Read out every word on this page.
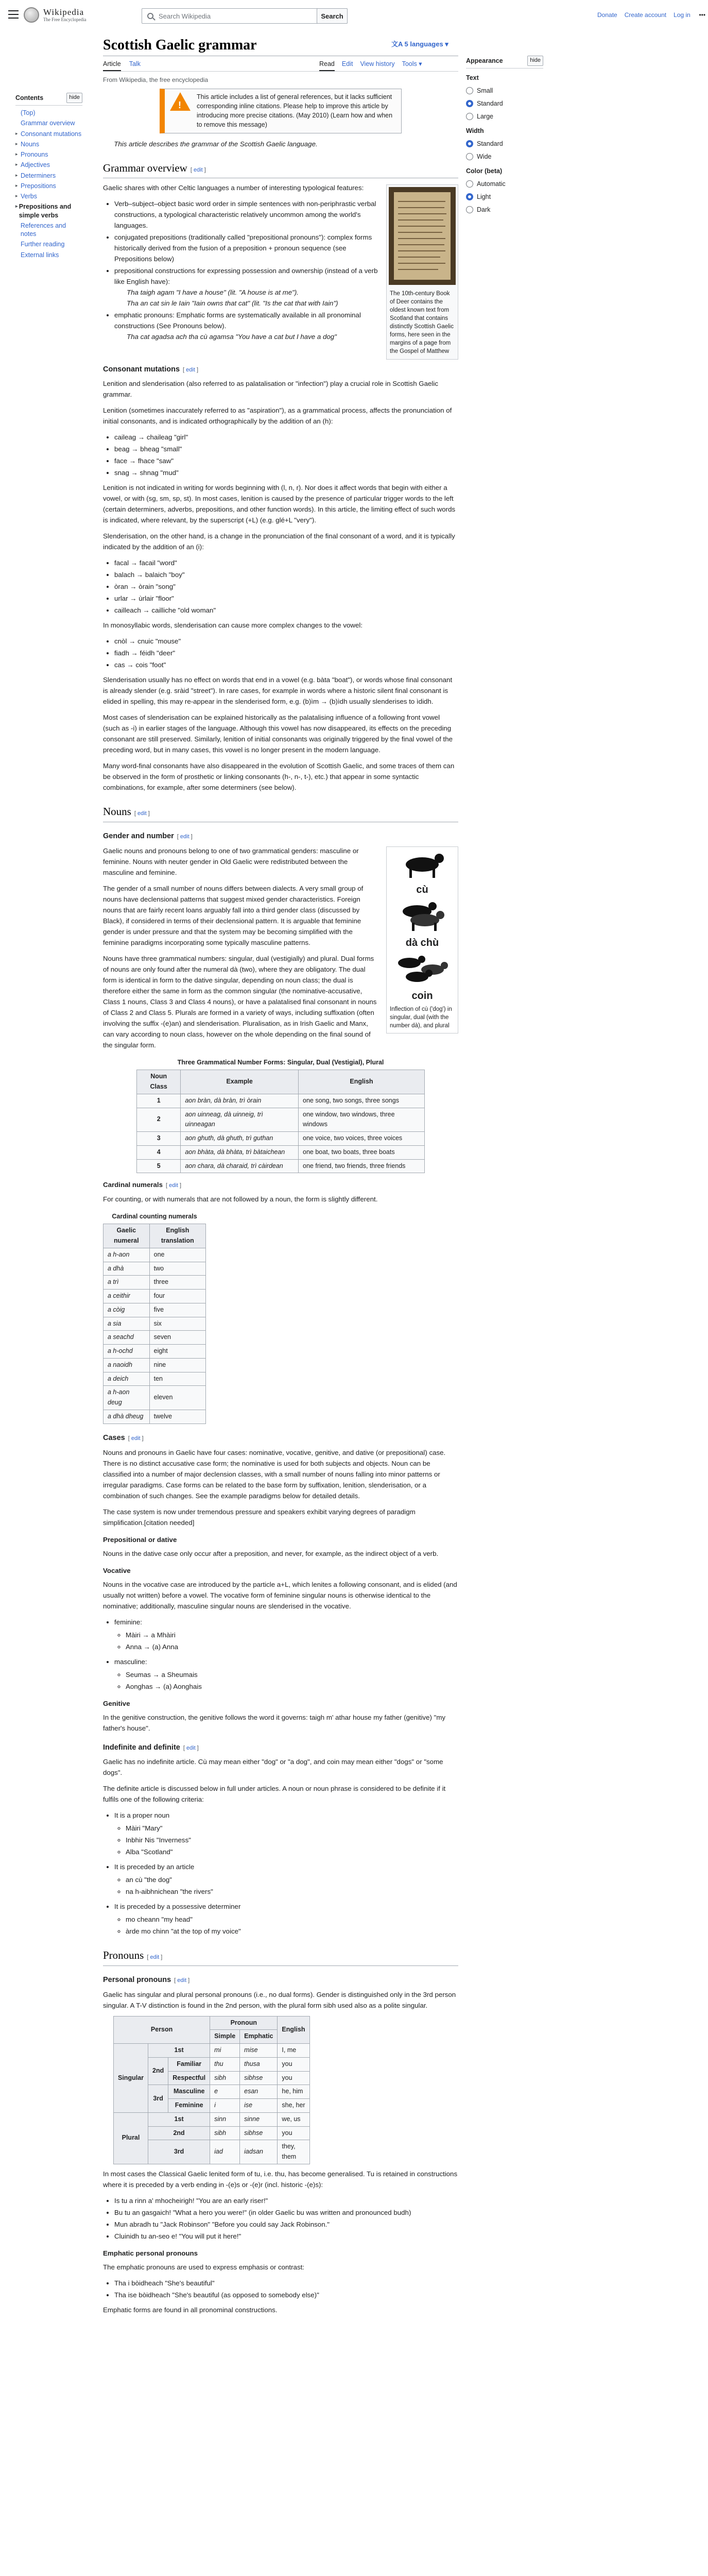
Wikipedia
The Free Encyclopedia
Search Wikipedia	Search	Donate Create account Log in •••
Contents	hide
(Top)
Grammar overview
▸ Consonant mutations
▸ Nouns
▸ Pronouns
▸ Adjectives
▸ Determiners
▸ Prepositions
▸ Verbs
▸ Prepositions and simple verbs
References and notes
Further reading
External links
Scottish Gaelic grammar	文A 5 languages ▾
Article Talk	Read Edit View history Tools ▾
From Wikipedia, the free encyclopedia
Appearance	hide
Text
Small
Standard
Large
Width
Standard
Wide
Color (beta)
Automatic
Light
Dark
!
This article includes a list of general references, but it lacks sufficient corresponding inline citations. Please help to improve this article by introducing more precise citations. (May 2010) (Learn how and when to remove this message)
This article describes the grammar of the Scottish Gaelic language.
Grammar overview [ edit ]
The 10th-century Book of Deer contains the oldest known text from Scotland that contains distinctly Scottish Gaelic forms, here seen in the margins of a page from the Gospel of Matthew

Gaelic shares with other Celtic languages a number of interesting typological features:

• Verb–subject–object basic word order in simple sentences with non-periphrastic verbal constructions, a typological characteristic relatively uncommon among the world's languages.
• conjugated prepositions (traditionally called "prepositional pronouns"): complex forms historically derived from the fusion of a preposition + pronoun sequence (see Prepositions below)
• prepositional constructions for expressing possession and ownership (instead of a verb like English have):
Tha taigh agam "I have a house" (lit. "A house is at me").
Tha an cat sin le Iain "Iain owns that cat" (lit. "Is the cat that with Iain")
• emphatic pronouns: Emphatic forms are systematically available in all pronominal constructions (See Pronouns below).
Tha cat agadsa ach tha cù agamsa "You have a cat but I have a dog"
Consonant mutations [ edit ]

Lenition and slenderisation (also referred to as palatalisation or "infection") play a crucial role in Scottish Gaelic grammar.

Lenition (sometimes inaccurately referred to as "aspiration"), as a grammatical process, affects the pronunciation of initial consonants, and is indicated orthographically by the addition of an (h):

• caileag → chaileag "girl"
• beag → bheag "small"
• face → fhace "saw"
• snag → shnag "mud"

Lenition is not indicated in writing for words beginning with (l, n, r). Nor does it affect words that begin with either a vowel, or with (sg, sm, sp, st). In most cases, lenition is caused by the presence of particular trigger words to the left (certain determiners, adverbs, prepositions, and other function words). In this article, the limiting effect of such words is indicated, where relevant, by the superscript (+L) (e.g. glé+L "very").

Slenderisation, on the other hand, is a change in the pronunciation of the final consonant of a word, and it is typically indicated by the addition of an (i):

• facal → facail "word"
• balach → balaich "boy"
• òran → òrain "song"
• urlar → ùrlair "floor"
• cailleach → cailliche "old woman"

In monosyllabic words, slenderisation can cause more complex changes to the vowel:

• cnòl → cnuic "mouse"
• fiadh → féidh "deer"
• cas → cois "foot"

Slenderisation usually has no effect on words that end in a vowel (e.g. bàta "boat"), or words whose final consonant is already slender (e.g. sràid "street"). In rare cases, for example in words where a historic silent final consonant is elided in spelling, this may re-appear in the slenderised form, e.g. (b)ìm → (b)ìdh usually slenderises to ìdidh.

Most cases of slenderisation can be explained historically as the palatalising influence of a following front vowel (such as -i) in earlier stages of the language. Although this vowel has now disappeared, its effects on the preceding consonant are still preserved. Similarly, lenition of initial consonants was originally triggered by the final vowel of the preceding word, but in many cases, this vowel is no longer present in the modern language.

Many word-final consonants have also disappeared in the evolution of Scottish Gaelic, and some traces of them can be observed in the form of prosthetic or linking consonants (h-, n-, t-), etc.) that appear in some syntactic combinations, for example, after some determiners (see below).

Nouns [ edit ]
Gender and number [ edit ]
cù
dà chù
coin
Inflection of cù ('dog') in singular, dual (with the number dà), and plural

Gaelic nouns and pronouns belong to one of two grammatical genders: masculine or feminine. Nouns with neuter gender in Old Gaelic were redistributed between the masculine and feminine.

The gender of a small number of nouns differs between dialects. A very small group of nouns have declensional patterns that suggest mixed gender characteristics. Foreign nouns that are fairly recent loans arguably fall into a third gender class (discussed by Black), if considered in terms of their declensional pattern. It is arguable that feminine gender is under pressure and that the system may be becoming simplified with the feminine paradigms incorporating some typically masculine patterns.

Nouns have three grammatical numbers: singular, dual (vestigially) and plural. Dual forms of nouns are only found after the numeral dà (two), where they are obligatory. The dual form is identical in form to the dative singular, depending on noun class; the dual is therefore either the same in form as the common singular (the nominative-accusative, Class 1 nouns, Class 3 and Class 4 nouns), or have a palatalised final consonant in nouns of Class 2 and Class 5. Plurals are formed in a variety of ways, including suffixation (often involving the suffix -(e)an) and slenderisation. Pluralisation, as in Irish Gaelic and Manx, can vary according to noun class, however on the whole depending on the final sound of the singular form.

Three Grammatical Number Forms: Singular, Dual (Vestigial), Plural
Noun Class	Example	English
1	aon bràn, dà bràn, trì òrain	one song, two songs, three songs
2	aon uinneag, dà uinneig, trì uinneagan	one window, two windows, three windows
3	aon ghuth, dà ghuth, trì guthan	one voice, two voices, three voices
4	aon bhàta, dà bhàta, trì bàtaichean	one boat, two boats, three boats
5	aon chara, dà charaid, trì càirdean	one friend, two friends, three friends
Cardinal numerals [ edit ]

For counting, or with numerals that are not followed by a noun, the form is slightly different.

Cardinal counting numerals
Gaelic numeral	English translation
a h-aon	one
a dhà	two
a trì	three
a ceithir	four
a còig	five
a sia	six
a seachd	seven
a h-ochd	eight
a naoidh	nine
a deich	ten
a h-aon deug	eleven
a dhà dheug	twelve
Cases [ edit ]

Nouns and pronouns in Gaelic have four cases: nominative, vocative, genitive, and dative (or prepositional) case. There is no distinct accusative case form; the nominative is used for both subjects and objects. Noun can be classified into a number of major declension classes, with a small number of nouns falling into minor patterns or irregular paradigms. Case forms can be related to the base form by suffixation, lenition, slenderisation, or a combination of such changes. See the example paradigms below for detailed details.

The case system is now under tremendous pressure and speakers exhibit varying degrees of paradigm simplification.[citation needed]

Prepositional or dative

Nouns in the dative case only occur after a preposition, and never, for example, as the indirect object of a verb.

Vocative

Nouns in the vocative case are introduced by the particle a+L, which lenites a following consonant, and is elided (and usually not written) before a vowel. The vocative form of feminine singular nouns is otherwise identical to the nominative; additionally, masculine singular nouns are slenderised in the vocative.

• feminine:
◦ Màiri → a Mhàiri
◦ Anna → (a) Anna
• masculine:
◦ Seumas → a Sheumais
◦ Aonghas → (a) Aonghais
Genitive

In the genitive construction, the genitive follows the word it governs: taigh m' athar house my father (genitive) "my father's house".

Indefinite and definite [ edit ]

Gaelic has no indefinite article. Cù may mean either "dog" or "a dog", and coin may mean either "dogs" or "some dogs".

The definite article is discussed below in full under articles. A noun or noun phrase is considered to be definite if it fulfils one of the following criteria:

• It is a proper noun
◦ Màiri "Mary"
◦ Inbhir Nis "Inverness"
◦ Alba "Scotland"
• It is preceded by an article
◦ an cù "the dog"
◦ na h-aibhnichean "the rivers"
• It is preceded by a possessive determiner
◦ mo cheann "my head"
◦ àrde mo chinn "at the top of my voice"
Pronouns [ edit ]
Personal pronouns [ edit ]

Gaelic has singular and plural personal pronouns (i.e., no dual forms). Gender is distinguished only in the 3rd person singular. A T-V distinction is found in the 2nd person, with the plural form sibh used also as a polite singular.

Person			Pronoun		English
			Simple	Emphatic	
Singular	1st		mi	mise	I, me
	2nd	Familiar	thu	thusa	you
		Respectful	sibh	sibhse	you
	3rd	Masculine	e	esan	he, him
		Feminine	i	ise	she, her
Plural	1st		sinn	sinne	we, us
	2nd		sibh	sibhse	you
	3rd		iad	iadsan	they, them

In most cases the Classical Gaelic lenited form of tu, i.e. thu, has become generalised. Tu is retained in constructions where it is preceded by a verb ending in -(e)s or -(e)r (incl. historic -(e)s):

• Is tu a rinn a' mhocheirigh! "You are an early riser!"
• Bu tu an gasgaich! "What a hero you were!" (in older Gaelic bu was written and pronounced budh)
• Mun abradh tu "Jack Robinson" "Before you could say Jack Robinson."
• Cluinidh tu an-seo e! "You will put it here!"
Emphatic personal pronouns

The emphatic pronouns are used to express emphasis or contrast:

• Tha i bòidheach "She's beautiful"
• Tha ise bòidheach "She's beautiful (as opposed to somebody else)"

Emphatic forms are found in all pronominal constructions.
